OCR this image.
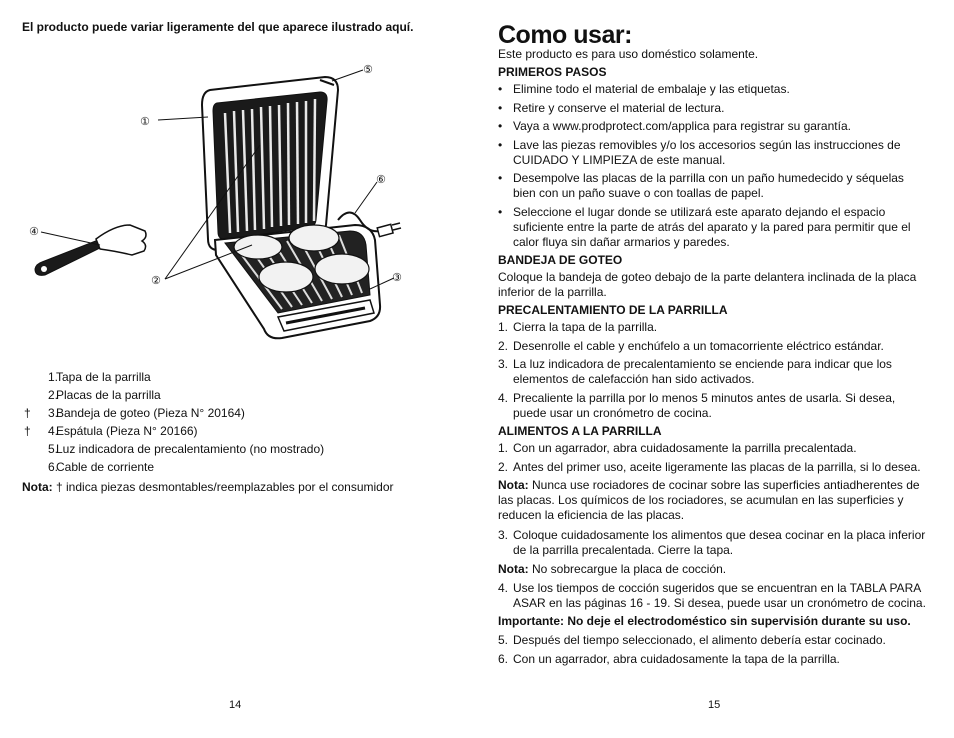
El producto puede variar ligeramente del que aparece ilustrado aquí.
①
⑤
⑥
④
②	③
1.
Tapa de la parrilla
2.
Placas de la parrilla
†	3.
Bandeja de goteo (Pieza N° 20164)
†	4.
Espátula (Pieza N° 20166)
5.
Luz indicadora de precalentamiento (no mostrado)
6.
Cable de corriente
Nota: † indica piezas desmontables/reemplazables por el consumidor
14
Como usar:
Este producto es para uso doméstico solamente.
PRIMEROS PASOS
• Elimine todo el material de embalaje y las etiquetas.
• Retire y conserve el material de lectura.
• Vaya a www.prodprotect.com/applica para registrar su garantía.
• Lave las piezas removibles y/o los accesorios según las instrucciones de CUIDADO Y LIMPIEZA de este manual.
• Desempolve las placas de la parrilla con un paño humedecido y séquelas bien con un paño suave o con toallas de papel.
• Seleccione el lugar donde se utilizará este aparato dejando el espacio suficiente entre la parte de atrás del aparato y la pared para permitir que el calor fluya sin dañar armarios y paredes.
BANDEJA DE GOTEO
Coloque la bandeja de goteo debajo de la parte delantera inclinada de la placa inferior de la parrilla.
PRECALENTAMIENTO DE LA PARRILLA
1. Cierra la tapa de la parrilla.
2. Desenrolle el cable y enchúfelo a un tomacorriente eléctrico estándar.
3. La luz indicadora de precalentamiento se enciende para indicar que los elementos de calefacción han sido activados.
4. Precaliente la parrilla por lo menos 5 minutos antes de usarla. Si desea, puede usar un cronómetro de cocina.
ALIMENTOS A LA PARRILLA
1. Con un agarrador, abra cuidadosamente la parrilla precalentada.
2. Antes del primer uso, aceite ligeramente las placas de la parrilla, si lo desea.
Nota: Nunca use rociadores de cocinar sobre las superficies antiadherentes de las placas. Los químicos de los rociadores, se acumulan en las superficies y reducen la eficiencia de las placas.
3. Coloque cuidadosamente los alimentos que desea cocinar en la placa inferior de la parrilla precalentada. Cierre la tapa.
Nota: No sobrecargue la placa de cocción.
4. Use los tiempos de cocción sugeridos que se encuentran en la TABLA PARA ASAR en las páginas 16 - 19. Si desea, puede usar un cronómetro de cocina.
Importante: No deje el electrodoméstico sin supervisión durante su uso.
5. Después del tiempo seleccionado, el alimento debería estar cocinado.
6. Con un agarrador, abra cuidadosamente la tapa de la parrilla.
15
